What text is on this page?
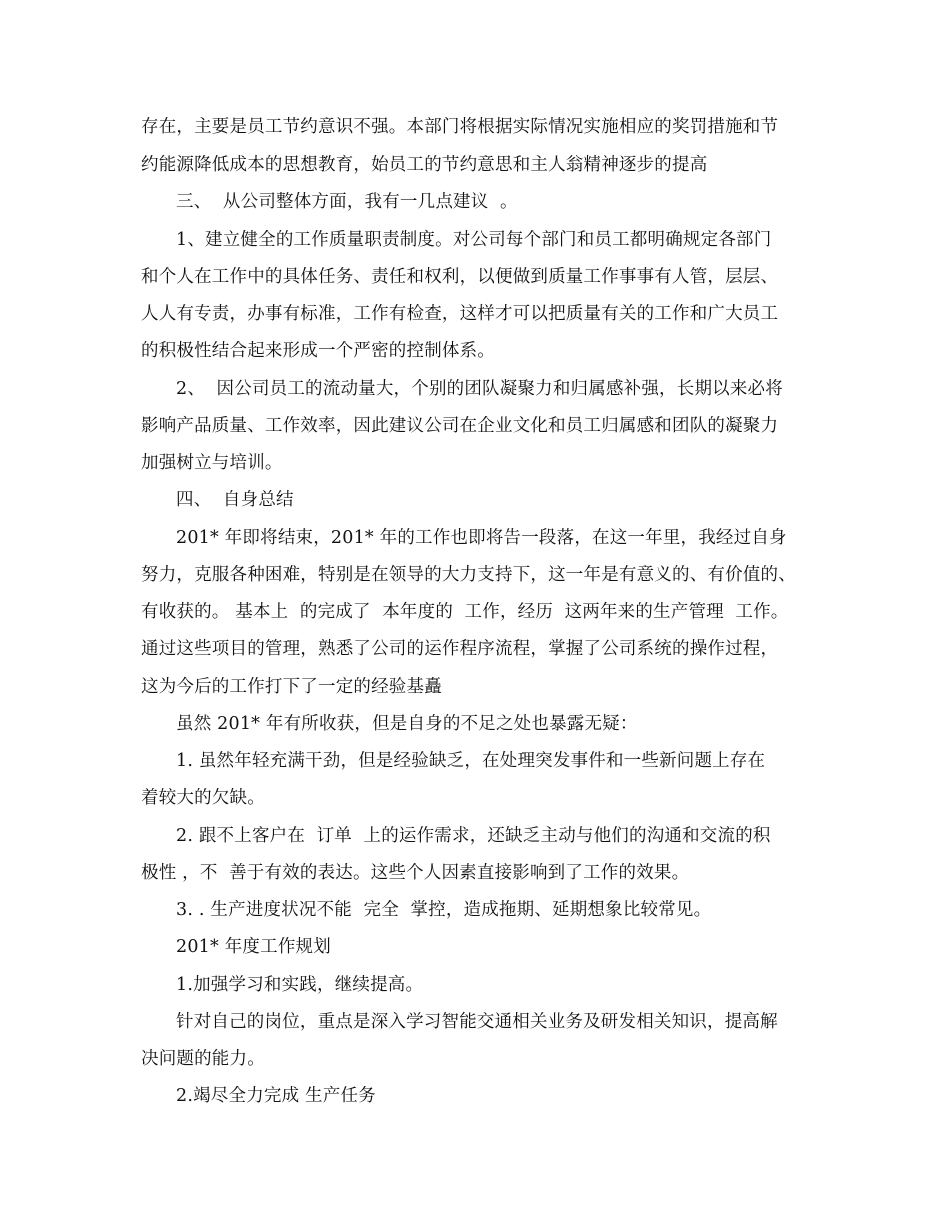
存在，主要是员工节约意识不强。本部门将根据实际情况实施相应的奖罚措施和节
约能源降低成本的思想教育，始员工的节约意思和主人翁精神逐步的提高
三、  从公司整体方面，我有一几点建议  。
1、建立健全的工作质量职责制度。对公司每个部门和员工都明确规定各部门
和个人在工作中的具体任务、责任和权利，以便做到质量工作事事有人管，层层、
人人有专责，办事有标准，工作有检查，这样才可以把质量有关的工作和广大员工
的积极性结合起来形成一个严密的控制体系。
2、  因公司员工的流动量大，个别的团队凝聚力和归属感补强，长期以来必将
影响产品质量、工作效率，因此建议公司在企业文化和员工归属感和团队的凝聚力
加强树立与培训。
四、  自身总结
201* 年即将结束，201* 年的工作也即将告一段落，在这一年里，我经过自身
努力，克服各种困难，特别是在领导的大力支持下，这一年是有意义的、有价值的、
有收获的。 基本上  的完成了  本年度的  工作，经历  这两年来的生产管理  工作。
通过这些项目的管理，熟悉了公司的运作程序流程，掌握了公司系统的操作过程，
这为今后的工作打下了一定的经验基矗
虽然 201* 年有所收获，但是自身的不足之处也暴露无疑：
1. 虽然年轻充满干劲，但是经验缺乏，在处理突发事件和一些新问题上存在
着较大的欠缺。
2. 跟不上客户在  订单  上的运作需求，还缺乏主动与他们的沟通和交流的积
极性 ，不  善于有效的表达。这些个人因素直接影响到了工作的效果。
3. . 生产进度状况不能  完全  掌控，造成拖期、延期想象比较常见。
201* 年度工作规划
1.加强学习和实践，继续提高。
针对自己的岗位，重点是深入学习智能交通相关业务及研发相关知识，提高解
决问题的能力。
2.竭尽全力完成 生产任务
